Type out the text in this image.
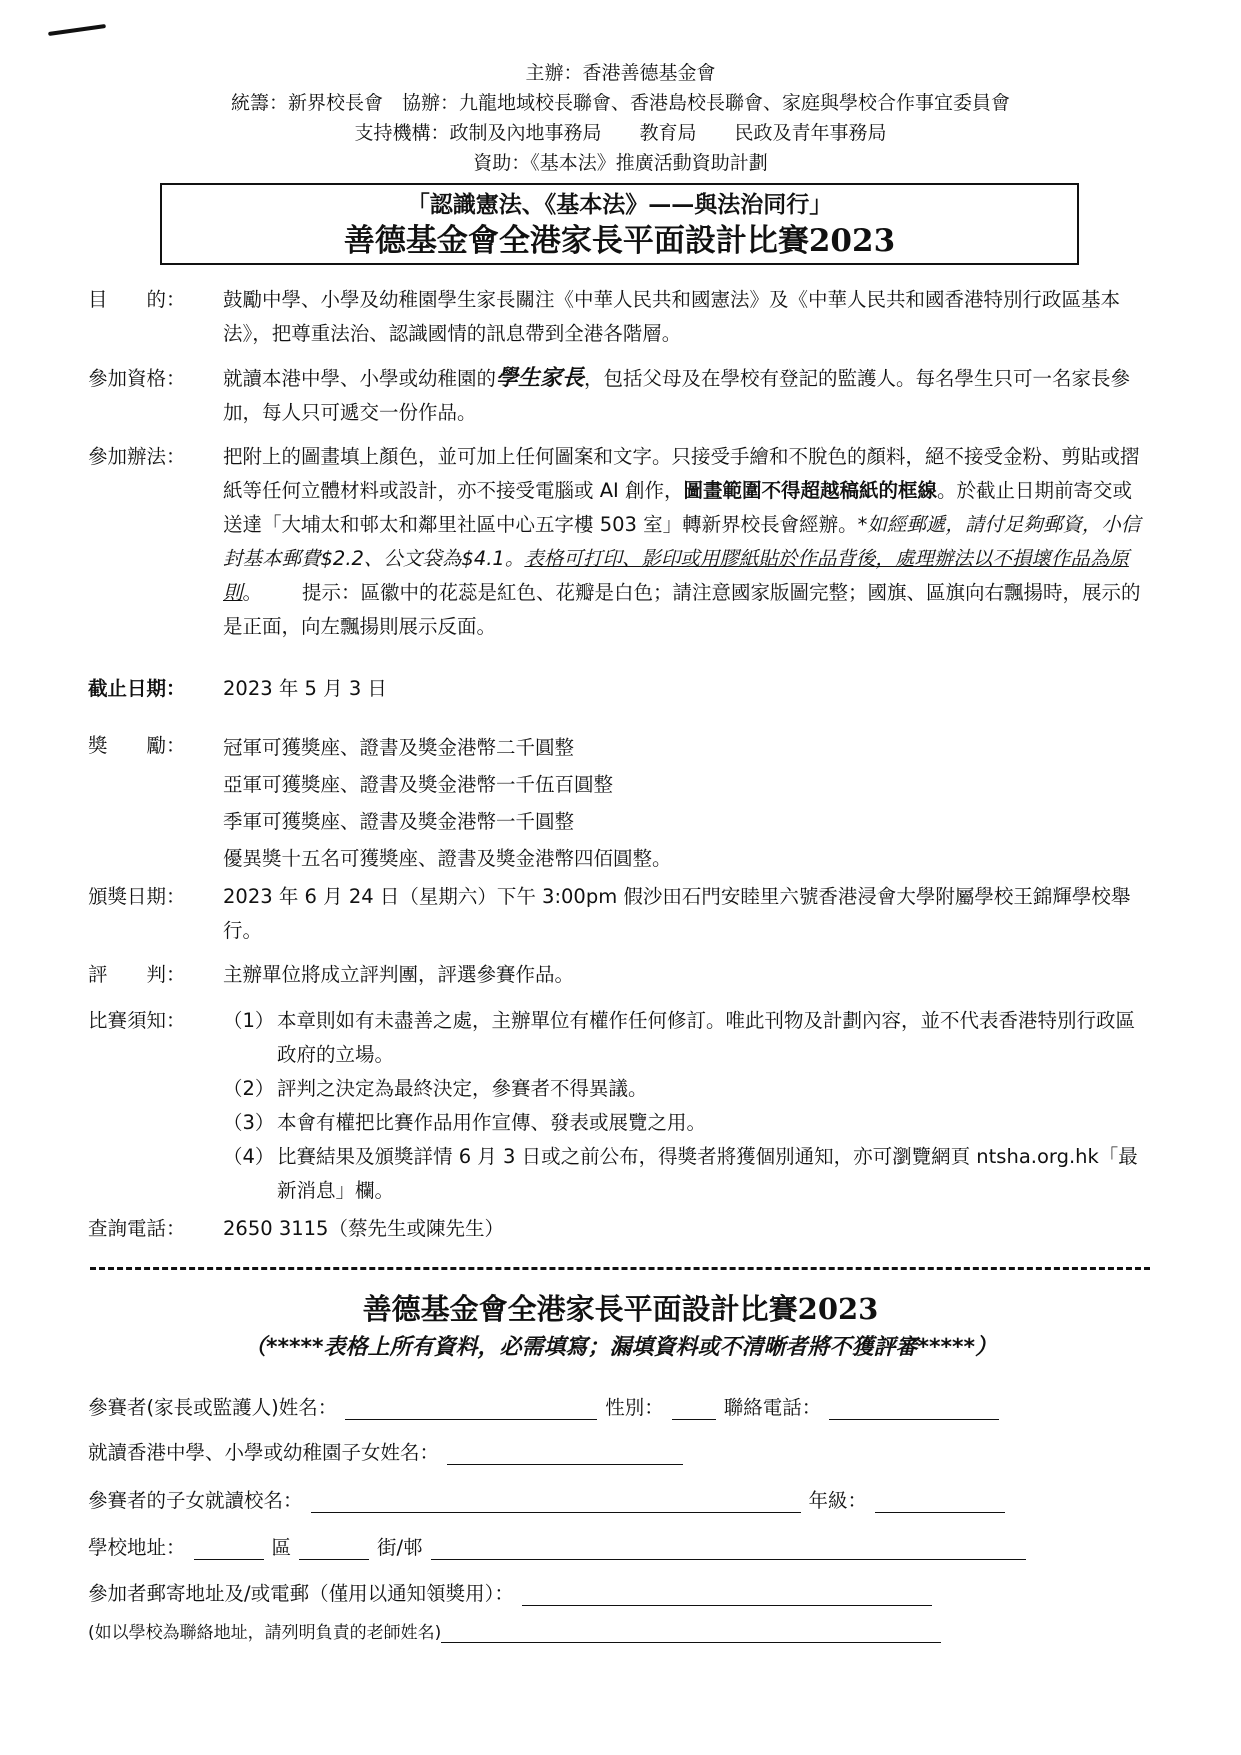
主辦：香港善德基金會
統籌：新界校長會　協辦：九龍地域校長聯會、香港島校長聯會、家庭與學校合作事宜委員會
支持機構：政制及內地事務局　　教育局　　民政及青年事務局
資助：《基本法》推廣活動資助計劃
「認識憲法、《基本法》——與法治同行」
善德基金會全港家長平面設計比賽2023
目　　的：	鼓勵中學、小學及幼稚園學生家長關注《中華人民共和國憲法》及《中華人民共和國香港特別行政區基本法》，把尊重法治、認識國情的訊息帶到全港各階層。
參加資格：	就讀本港中學、小學或幼稚園的學生家長，包括父母及在學校有登記的監護人。每名學生只可一名家長參加，每人只可遞交一份作品。
參加辦法：	把附上的圖畫填上顏色，並可加上任何圖案和文字。只接受手繪和不脫色的顏料，絕不接受金粉、剪貼或摺紙等任何立體材料或設計，亦不接受電腦或 AI 創作，圖畫範圍不得超越稿紙的框線。於截止日期前寄交或送達「大埔太和邨太和鄰里社區中心五字樓 503 室」轉新界校長會經辦。*如經郵遞，請付足夠郵資，小信封基本郵費$2.2、公文袋為$4.1。表格可打印、影印或用膠紙貼於作品背後，處理辦法以不損壞作品為原則。 提示：區徽中的花蕊是紅色、花瓣是白色；請注意國家版圖完整；國旗、區旗向右飄揚時，展示的是正面，向左飄揚則展示反面。
截止日期：	2023 年 5 月 3 日
獎　　勵：	冠軍可獲獎座、證書及獎金港幣二千圓整
亞軍可獲獎座、證書及獎金港幣一千伍百圓整
季軍可獲獎座、證書及獎金港幣一千圓整
優異獎十五名可獲獎座、證書及獎金港幣四佰圓整。
頒獎日期：	2023 年 6 月 24 日（星期六）下午 3:00pm 假沙田石門安睦里六號香港浸會大學附屬學校王錦輝學校舉行。
評　　判：	主辦單位將成立評判團，評選參賽作品。
比賽須知：	（1） 本章則如有未盡善之處，主辦單位有權作任何修訂。唯此刊物及計劃內容，並不代表香港特別行政區政府的立場。
（2） 評判之決定為最終決定，參賽者不得異議。
（3） 本會有權把比賽作品用作宣傳、發表或展覽之用。
（4） 比賽結果及頒獎詳情 6 月 3 日或之前公布，得獎者將獲個別通知，亦可瀏覽網頁 ntsha.org.hk「最新消息」欄。
查詢電話：	2650 3115（蔡先生或陳先生）
善德基金會全港家長平面設計比賽2023
（*****表格上所有資料，必需填寫；漏填資料或不清晰者將不獲評審*****）
參賽者(家長或監護人)姓名：	性別：	聯絡電話：
就讀香港中學、小學或幼稚園子女姓名：
參賽者的子女就讀校名：	年級：
學校地址：	區	街/邨
參加者郵寄地址及/或電郵（僅用以通知領獎用）：
(如以學校為聯絡地址，請列明負責的老師姓名)
